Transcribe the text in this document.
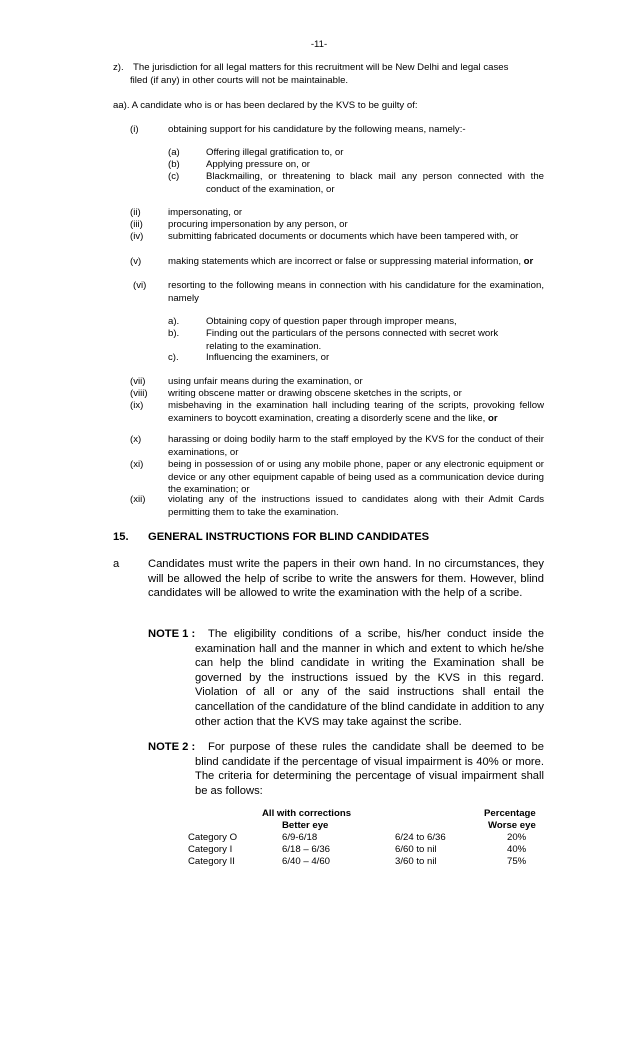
-11-
z). The jurisdiction for all legal matters for this recruitment will be New Delhi and legal cases
filed (if any) in other courts will not be maintainable.
aa). A candidate who is or has been declared by the KVS to be guilty of:
(i)	obtaining support for his candidature by the following means, namely:-
(a)	Offering illegal gratification to, or
(b)	Applying pressure on, or
(c)	Blackmailing, or threatening to black mail any person connected with the conduct of the examination, or
(ii)	impersonating, or
(iii)	procuring impersonation by any person, or
(iv)	submitting fabricated documents or documents which have been tampered with, or
(v)	making statements which are incorrect or false or suppressing material information, or
(vi) resorting to the following means in connection with his candidature for the examination, namely
a).	Obtaining copy of question paper through improper means,
b).	Finding out the particulars of the persons connected with secret work relating to the examination.
c).	Influencing the examiners, or
(vii) using unfair means during the examination, or
(viii) writing obscene matter or drawing obscene sketches in the scripts, or
(ix)	misbehaving in the examination hall including tearing of the scripts, provoking fellow examiners to boycott examination, creating a disorderly scene and the like, or
(x)	harassing or doing bodily harm to the staff employed by the KVS for the conduct of their examinations, or
(xi)	being in possession of or using any mobile phone, paper or any electronic equipment or device or any other equipment capable of being used as a communication device during the examination; or
(xii) violating any of the instructions issued to candidates along with their Admit Cards permitting them to take the examination.
15. GENERAL INSTRUCTIONS FOR BLIND CANDIDATES
a	Candidates must write the papers in their own hand. In no circumstances, they will be allowed the help of scribe to write the answers for them. However, blind candidates will be allowed to write the examination with the help of a scribe.
NOTE 1 :	The eligibility conditions of a scribe, his/her conduct inside the examination hall and the manner in which and extent to which he/she can help the blind candidate in writing the Examination shall be governed by the instructions issued by the KVS in this regard. Violation of all or any of the said instructions shall entail the cancellation of the candidature of the blind candidate in addition to any other action that the KVS may take against the scribe.
NOTE 2 :	For purpose of these rules the candidate shall be deemed to be blind candidate if the percentage of visual impairment is 40% or more. The criteria for determining the percentage of visual impairment shall be as follows:
All with corrections
Better eye
Percentage
Worse eye
Category O	6/9-6/18	6/24 to 6/36	20%
Category I	6/18 – 6/36	6/60 to nil	40%
Category II	6/40 – 4/60	3/60 to nil	75%
